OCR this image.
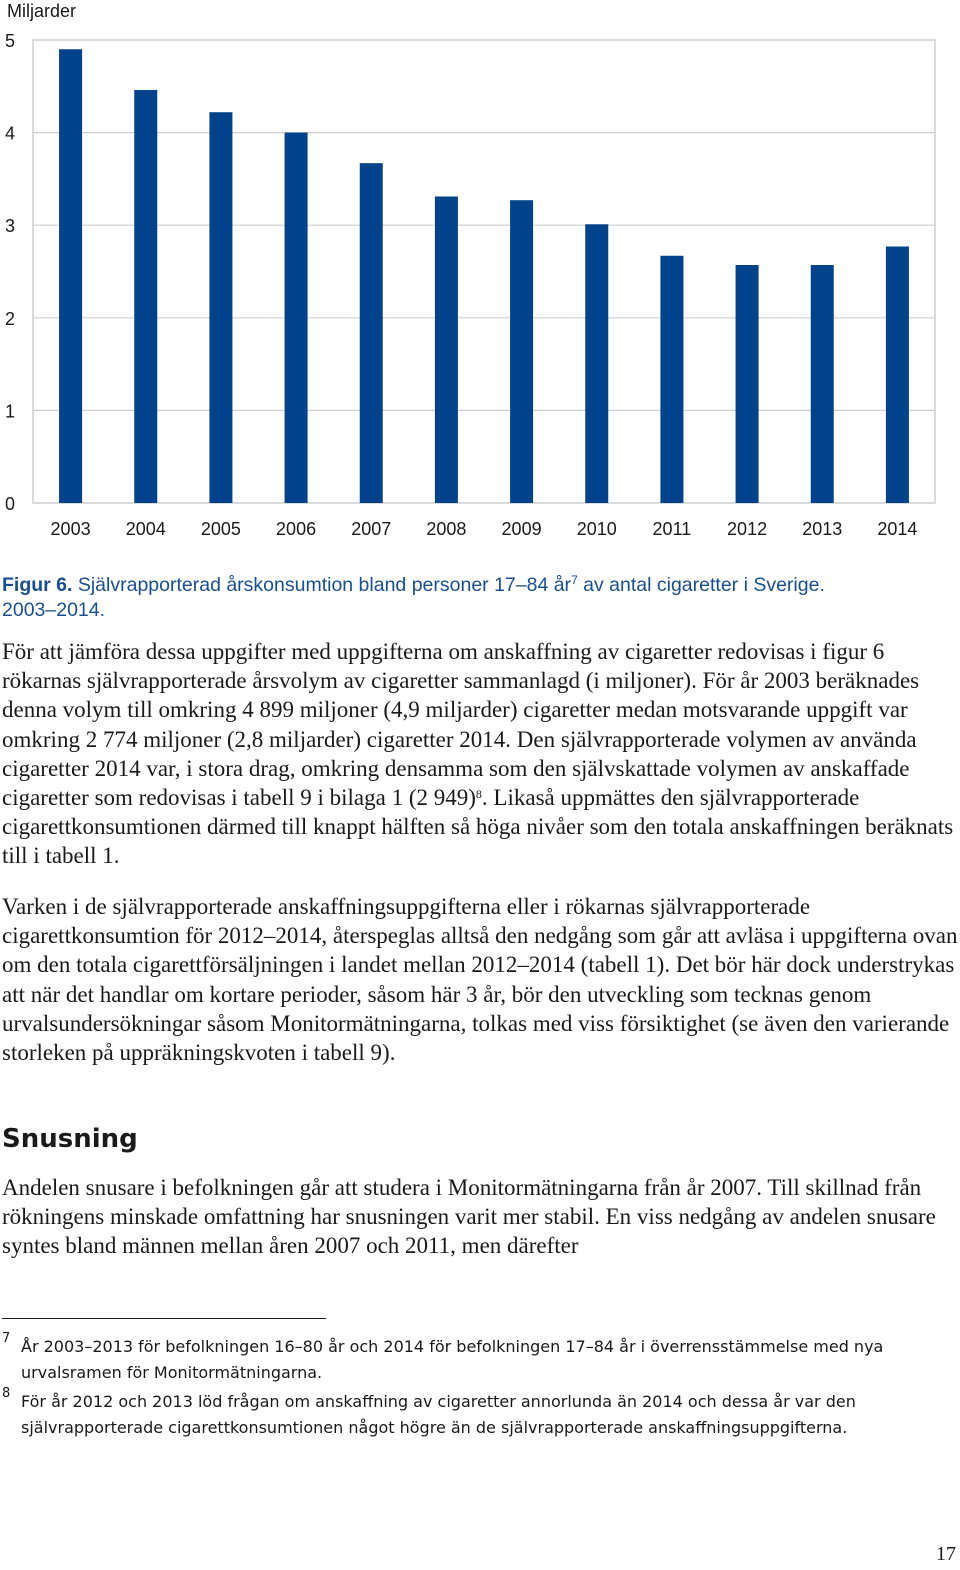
0
1
2
3
4
5
Miljarder
2003 2004 2005 2006 2007 2008 2009 2010 2011 2012 2013 2014
Figur 6. Självrapporterad årskonsumtion bland personer 17–84 $år^7$ av antal cigaretter i Sverige.
2003–2014.

För att jämföra dessa uppgifter med uppgifterna om anskaffning av cigaretter redovisas i figur 6 rökarnas självrapporterade årsvolym av cigaretter sammanlagd (i miljoner). För år 2003 beräknades denna volym till omkring 4 899 miljoner (4,9 miljarder) cigaretter medan motsvarande uppgift var omkring 2 774 miljoner (2,8 miljarder) cigaretter 2014. Den självrapporterade volymen av använda cigaretter 2014 var, i stora drag, omkring densamma som den självskattade volymen av anskaffade cigaretter som redovisas i tabell 9 i bilaga 1 (2 949)$^8$. Likaså uppmättes den självrapporterade cigarettkonsumtionen därmed till knappt hälften så höga nivåer som den totala anskaffningen beräknats till i tabell 1.

Varken i de självrapporterade anskaffningsuppgifterna eller i rökarnas självrapporterade cigarettkonsumtion för 2012–2014, återspeglas alltså den nedgång som går att avläsa i uppgifterna ovan om den totala cigarettförsäljningen i landet mellan 2012–2014 (tabell 1). Det bör här dock understrykas att när det handlar om kortare perioder, såsom här 3 år, bör den utveckling som tecknas genom urvalsundersökningar såsom Monitormätningarna, tolkas med viss försiktighet (se även den varierande storleken på uppräkningskvoten i tabell 9).

Snusning

Andelen snusare i befolkningen går att studera i Monitormätningarna från år 2007. Till skillnad från rökningens minskade omfattning har snusningen varit mer stabil. En viss nedgång av andelen snusare syntes bland männen mellan åren 2007 och 2011, men därefter

7 År 2003–2013 för befolkningen 16–80 år och 2014 för befolkningen 17–84 år i överrensstämmelse med nya urvalsramen för Monitormätningarna.
8 För år 2012 och 2013 löd frågan om anskaffning av cigaretter annorlunda än 2014 och dessa år var den självrapporterade cigarettkonsumtionen något högre än de självrapporterade anskaffningsuppgifterna.
17
